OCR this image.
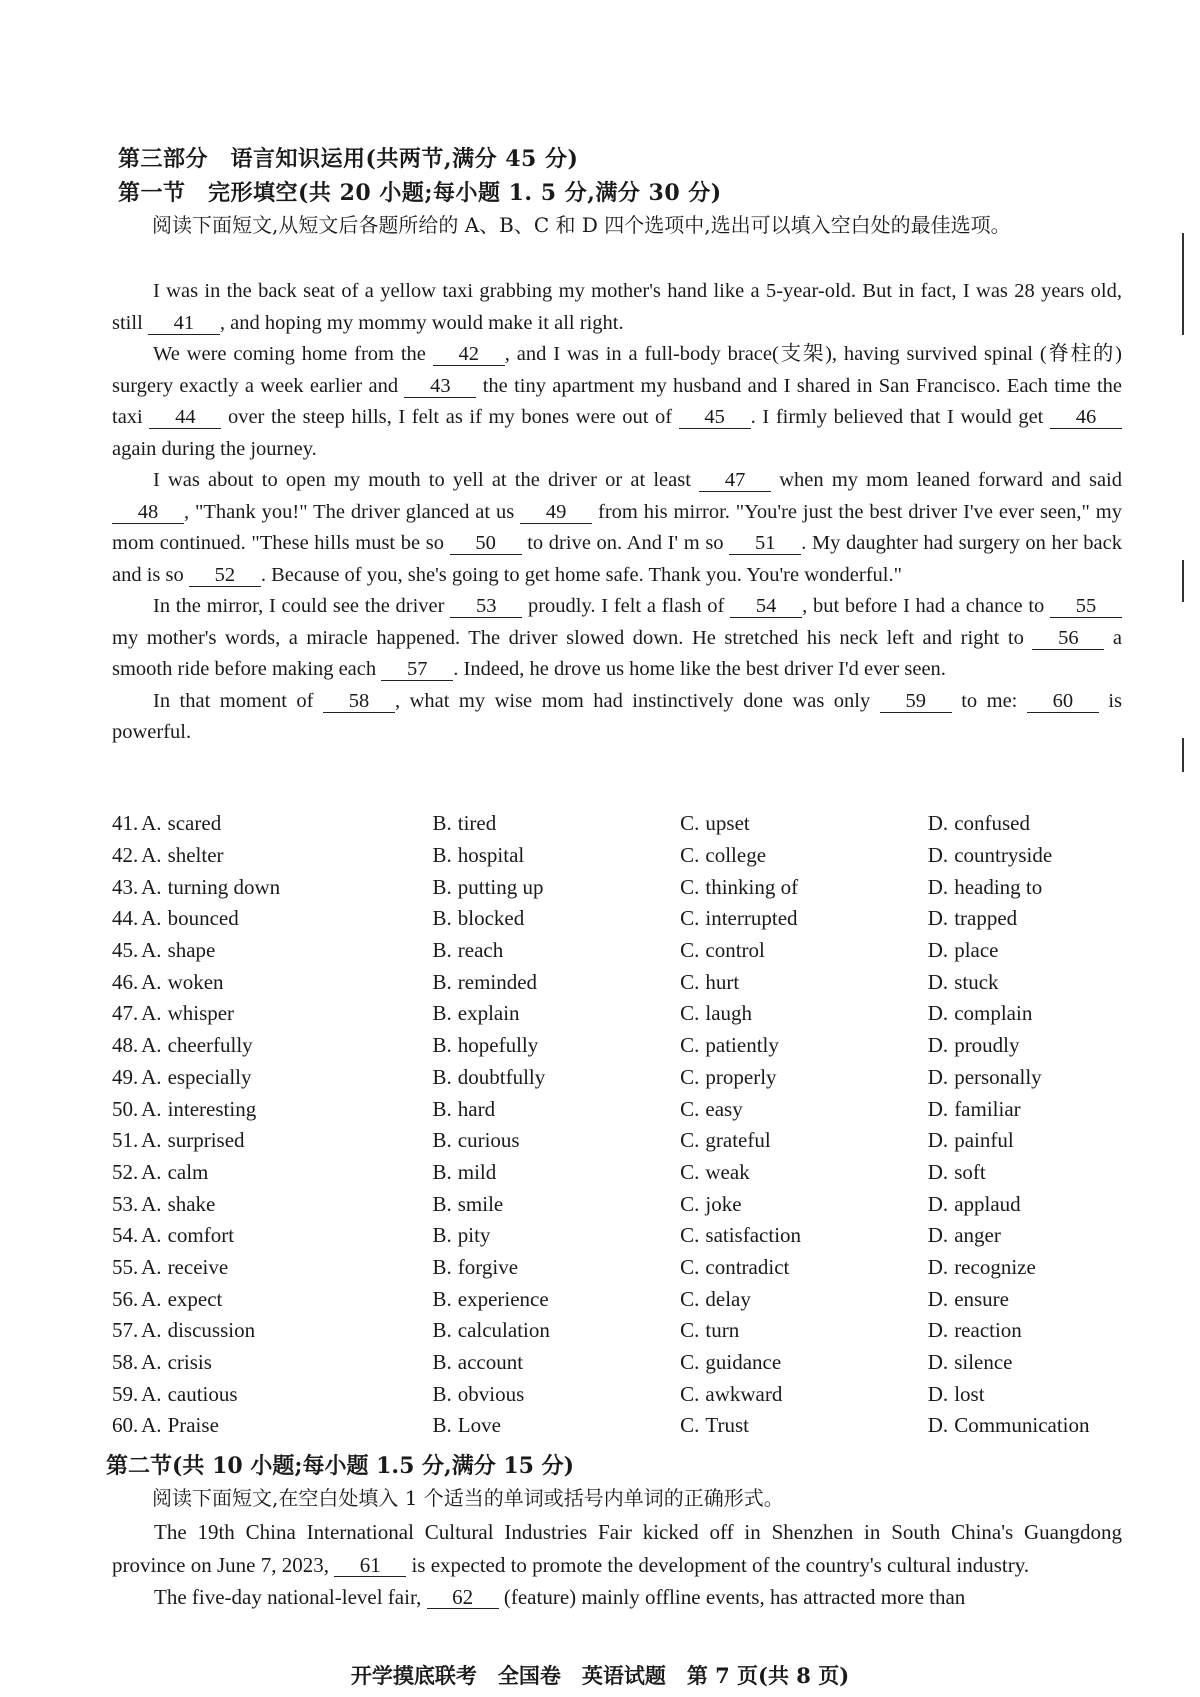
第三部分　语言知识运用(共两节,满分 45 分)
第一节　完形填空(共 20 小题;每小题 1. 5 分,满分 30 分)

阅读下面短文,从短文后各题所给的 A、B、C 和 D 四个选项中,选出可以填入空白处的最佳选项。

I was in the back seat of a yellow taxi grabbing my mother's hand like a 5-year-old. But in fact, I was 28 years old, still 41 , and hoping my mommy would make it all right.

We were coming home from the 42 , and I was in a full-body brace(支架), having survived spinal (脊柱的) surgery exactly a week earlier and 43 the tiny apartment my husband and I shared in San Francisco. Each time the taxi 44 over the steep hills, I felt as if my bones were out of 45 . I firmly believed that I would get 46 again during the journey.

I was about to open my mouth to yell at the driver or at least 47 when my mom leaned forward and said 48 , "Thank you!" The driver glanced at us 49 from his mirror. "You're just the best driver I've ever seen," my mom continued. "These hills must be so 50 to drive on. And I' m so 51 . My daughter had surgery on her back and is so 52 . Because of you, she's going to get home safe. Thank you. You're wonderful."

In the mirror, I could see the driver 53 proudly. I felt a flash of 54 , but before I had a chance to 55 my mother's words, a miracle happened. The driver slowed down. He stretched his neck left and right to 56 a smooth ride before making each 57 . Indeed, he drove us home like the best driver I'd ever seen.

In that moment of 58 , what my wise mom had instinctively done was only 59 to me: 60 is powerful.

41. A. scared	B. tired	C. upset	D. confused
42. A. shelter	B. hospital	C. college	D. countryside
43. A. turning down	B. putting up	C. thinking of	D. heading to
44. A. bounced	B. blocked	C. interrupted	D. trapped
45. A. shape	B. reach	C. control	D. place
46. A. woken	B. reminded	C. hurt	D. stuck
47. A. whisper	B. explain	C. laugh	D. complain
48. A. cheerfully	B. hopefully	C. patiently	D. proudly
49. A. especially	B. doubtfully	C. properly	D. personally
50. A. interesting	B. hard	C. easy	D. familiar
51. A. surprised	B. curious	C. grateful	D. painful
52. A. calm	B. mild	C. weak	D. soft
53. A. shake	B. smile	C. joke	D. applaud
54. A. comfort	B. pity	C. satisfaction	D. anger
55. A. receive	B. forgive	C. contradict	D. recognize
56. A. expect	B. experience	C. delay	D. ensure
57. A. discussion	B. calculation	C. turn	D. reaction
58. A. crisis	B. account	C. guidance	D. silence
59. A. cautious	B. obvious	C. awkward	D. lost
60. A. Praise	B. Love	C. Trust	D. Communication
第二节(共 10 小题;每小题 1.5 分,满分 15 分)

阅读下面短文,在空白处填入 1 个适当的单词或括号内单词的正确形式。

The 19th China International Cultural Industries Fair kicked off in Shenzhen in South China's Guangdong province on June 7, 2023, 61 is expected to promote the development of the country's cultural industry.

The five-day national-level fair, 62 (feature) mainly offline events, has attracted more than

开学摸底联考　全国卷　英语试题　第 7 页(共 8 页)
